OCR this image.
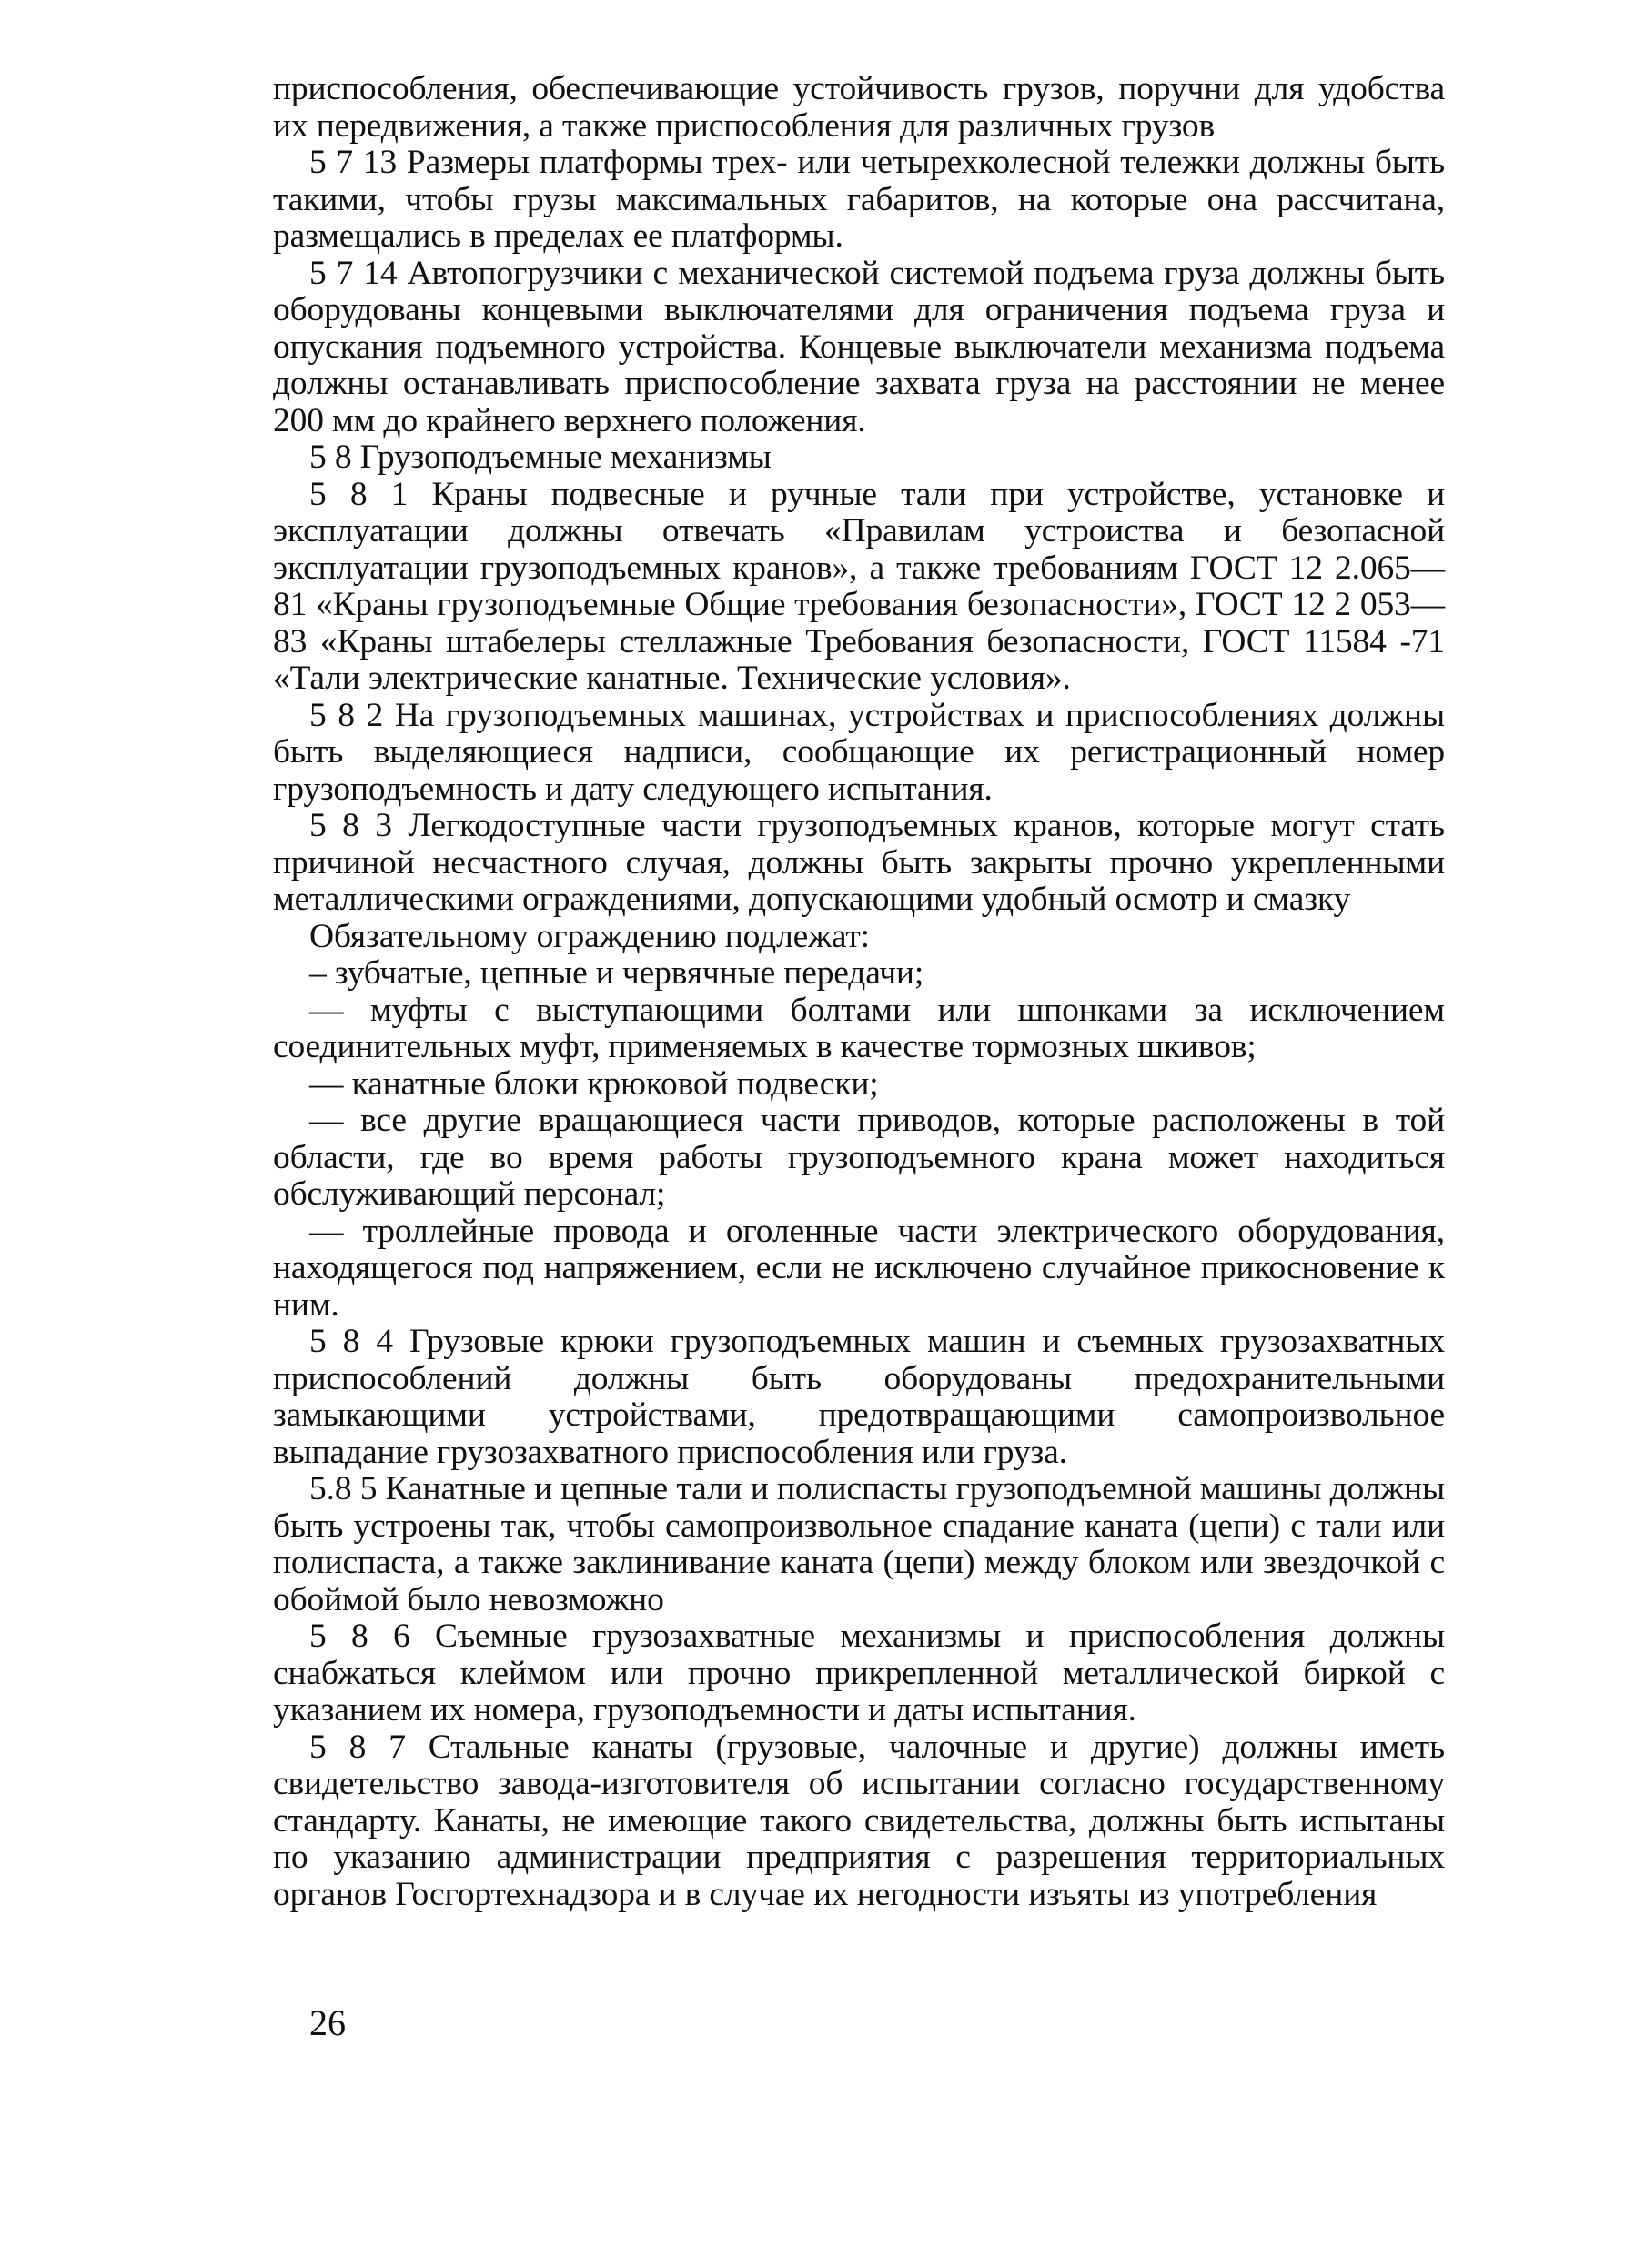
приспособления, обеспечивающие устойчивость грузов, поручни для удобства их передвижения, а также приспособления для различных грузов

5 7 13 Размеры платформы трех- или четырехколесной тележки должны быть такими, чтобы грузы максимальных габаритов, на которые она рассчитана, размещались в пределах ее платформы.

5 7 14 Автопогрузчики с механической системой подъема груза должны быть оборудованы концевыми выключателями для ограничения подъема груза и опускания подъемного устройства. Концевые выключатели механизма подъема должны останавливать приспособление захвата груза на расстоянии не менее 200 мм до крайнего верхнего положения.

5 8 Грузоподъемные механизмы

5 8 1 Краны подвесные и ручные тали при устройстве, установке и эксплуатации должны отвечать «Правилам устроиства и безопасной эксплуатации грузоподъемных кранов», а также требованиям ГОСТ 12 2.065—81 «Краны грузоподъемные Общие требования безопасности», ГОСТ 12 2 053—83 «Краны штабелеры стеллажные Требования безопасности, ГОСТ 11584 -71 «Тали электрические канатные. Технические условия».

5 8 2 На грузоподъемных машинах, устройствах и приспособлениях должны быть выделяющиеся надписи, сообщающие их регистрационный номер грузоподъемность и дату следующего испытания.

5 8 3 Легкодоступные части грузоподъемных кранов, которые могут стать причиной несчастного случая, должны быть закрыты прочно укрепленными металлическими ограждениями, допускающими удобный осмотр и смазку

Обязательному ограждению подлежат:

– зубчатые, цепные и червячные передачи;

— муфты с выступающими болтами или шпонками за исключением соединительных муфт, применяемых в качестве тормозных шкивов;

— канатные блоки крюковой подвески;

— все другие вращающиеся части приводов, которые расположены в той области, где во время работы грузоподъемного крана может находиться обслуживающий персонал;

— троллейные провода и оголенные части электрического оборудования, находящегося под напряжением, если не исключено случайное прикосновение к ним.

5 8 4 Грузовые крюки грузоподъемных машин и съемных грузозахватных приспособлений должны быть оборудованы предохранительными замыкающими устройствами, предотвращающими самопроизвольное выпадание грузозахватного приспособления или груза.

5.8 5 Канатные и цепные тали и полиспасты грузоподъемной машины должны быть устроены так, чтобы самопроизвольное спадание каната (цепи) с тали или полиспаста, а также заклинивание каната (цепи) между блоком или звездочкой с обоймой было невозможно

5 8 6 Съемные грузозахватные механизмы и приспособления должны снабжаться клеймом или прочно прикрепленной металлической биркой с указанием их номера, грузоподъемности и даты испытания.

5 8 7 Стальные канаты (грузовые, чалочные и другие) должны иметь свидетельство завода-изготовителя об испытании согласно государственному стандарту. Канаты, не имеющие такого свидетельства, должны быть испытаны по указанию администрации предприятия с разрешения территориальных органов Госгортехнадзора и в случае их негодности изъяты из употребления

26
